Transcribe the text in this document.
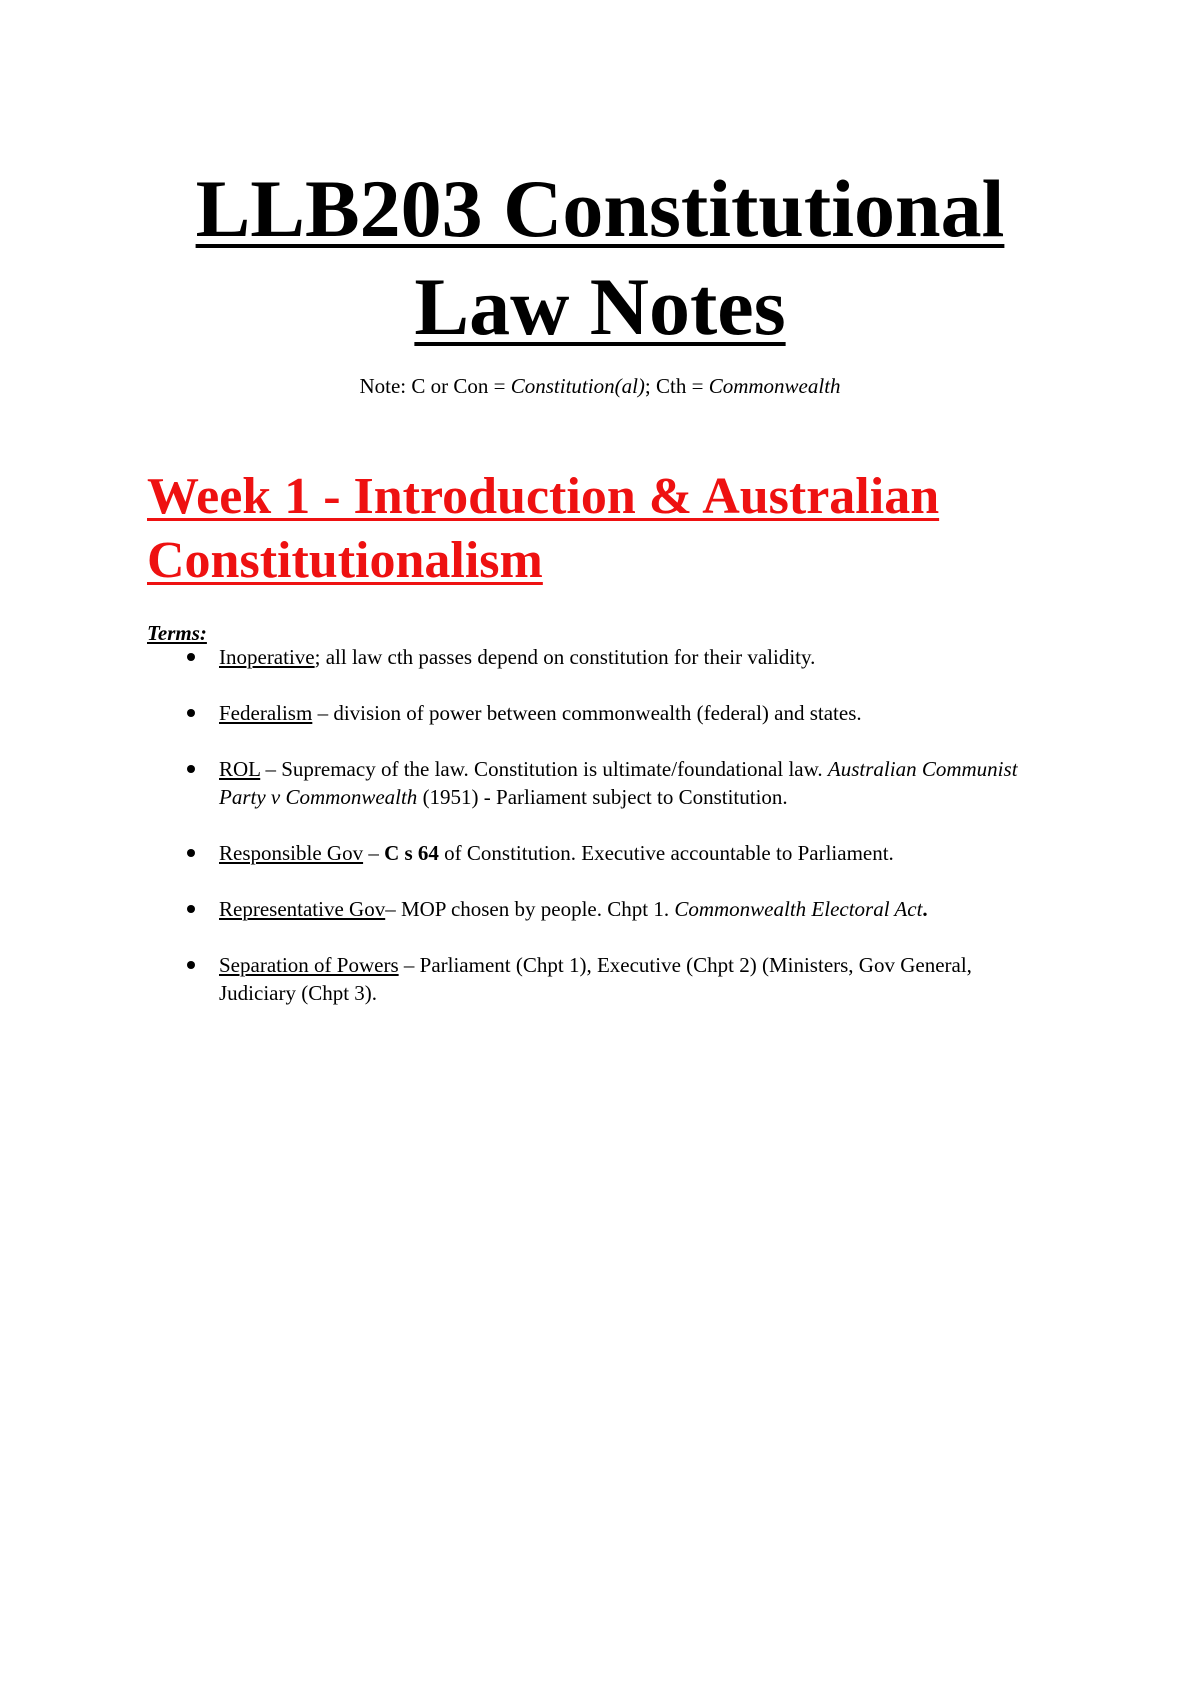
LLB203 Constitutional
Law Notes
Note: C or Con = Constitution(al); Cth = Commonwealth
Week 1 - Introduction & Australian
Constitutionalism
Terms:
Inoperative; all law cth passes depend on constitution for their validity.
Federalism – division of power between commonwealth (federal) and states.
ROL – Supremacy of the law. Constitution is ultimate/foundational law. Australian Communist Party v Commonwealth (1951) - Parliament subject to Constitution.
Responsible Gov – C s 64 of Constitution. Executive accountable to Parliament.
Representative Gov– MOP chosen by people. Chpt 1. Commonwealth Electoral Act.
Separation of Powers – Parliament (Chpt 1), Executive (Chpt 2) (Ministers, Gov General, Judiciary (Chpt 3).
